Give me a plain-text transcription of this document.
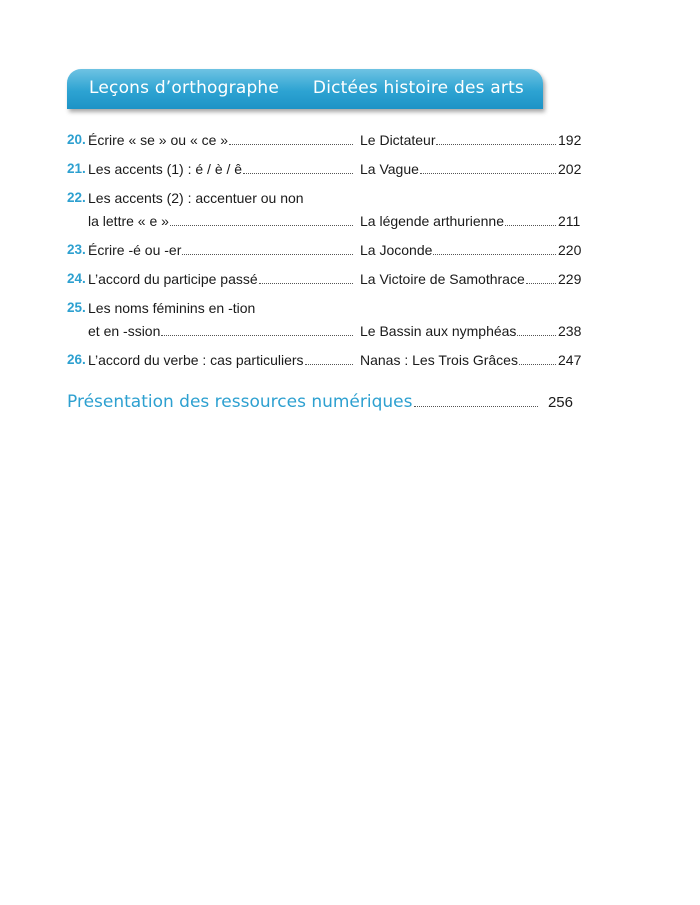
Leçons d’orthographe Dictées histoire des arts
20. Écrire « se » ou « ce »	Le Dictateur	192
21. Les accents (1) : é / è / ê	La Vague	202
22. Les accents (2) : accentuer ou non
la lettre « e »	La légende arthurienne	211
23. Écrire -é ou -er	La Joconde	220
24. L’accord du participe passé	La Victoire de Samothrace 229
25. Les noms féminins en -tion
et en -ssion	Le Bassin aux nymphéas	238
26. L’accord du verbe : cas particuliers	Nanas : Les Trois Grâces	247
Présentation des ressources numériques	256
